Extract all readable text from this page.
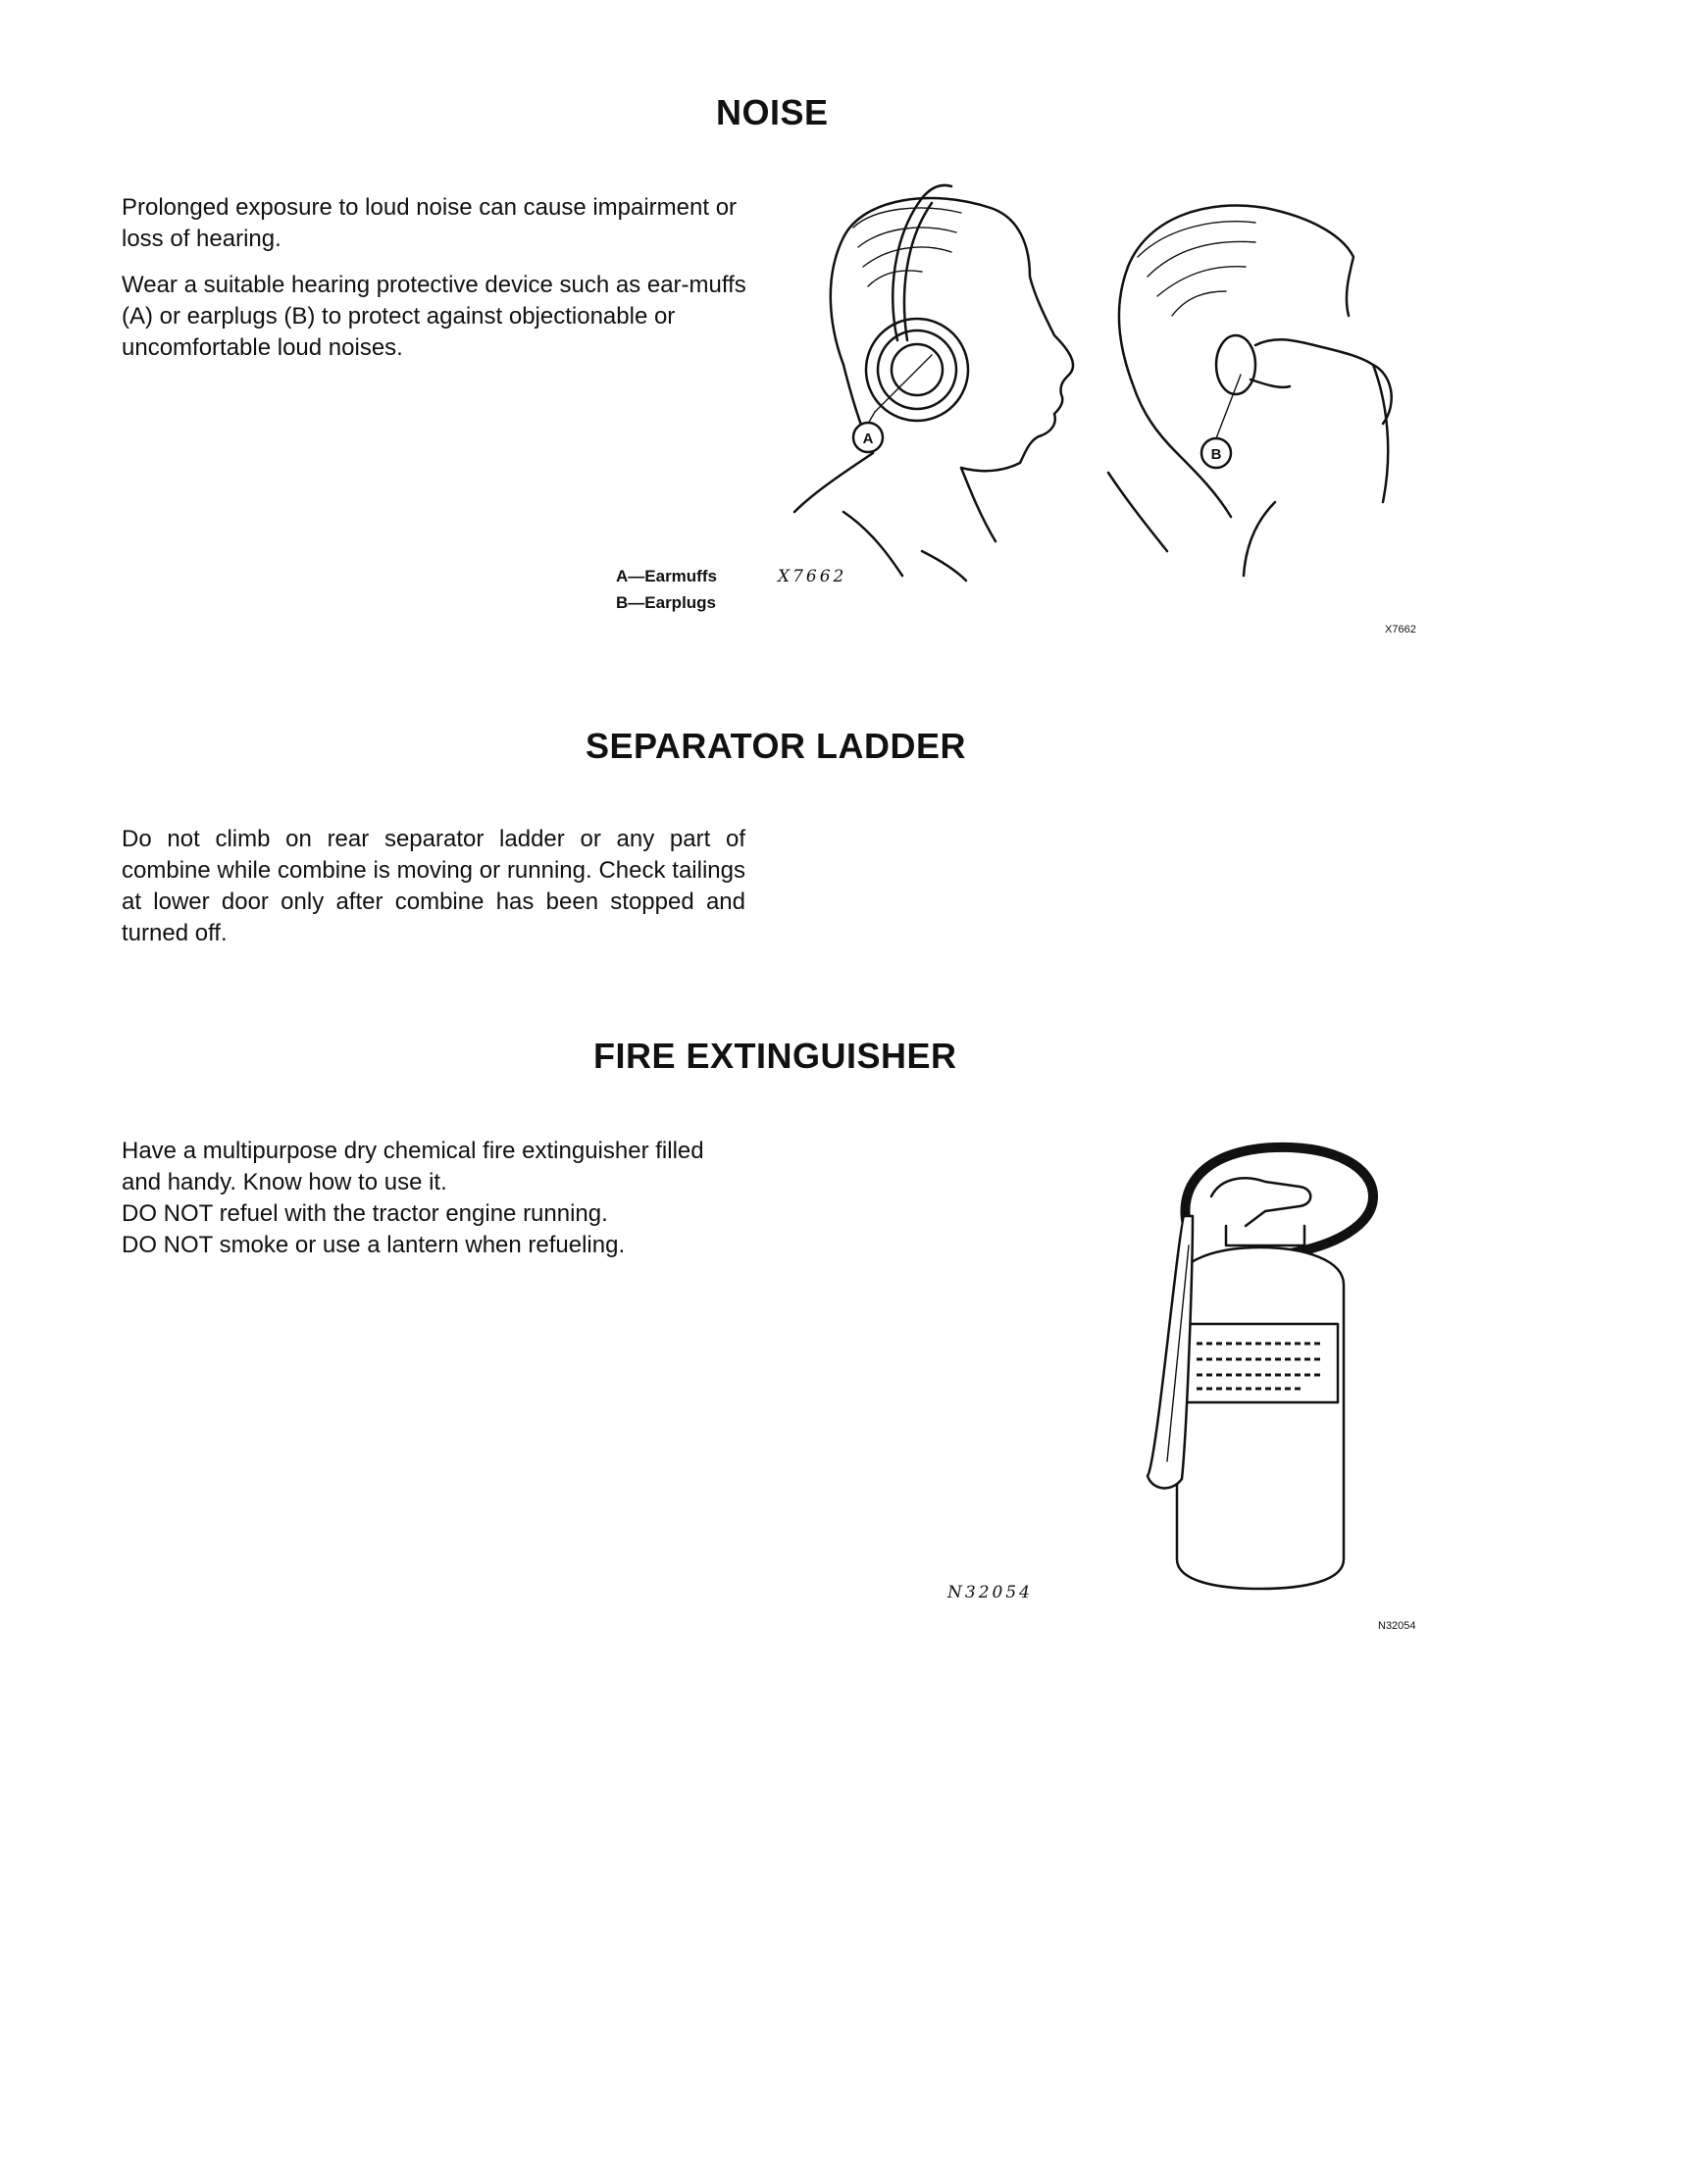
NOISE

Prolonged exposure to loud noise can cause impairment or loss of hearing.

Wear a suitable hearing protective device such as ear-muffs (A) or earplugs (B) to protect against objectionable or uncomfortable loud noises.

A
B
A—Earmuffs
B—Earplugs
X7662
X7662
SEPARATOR LADDER
Do not climb on rear separator ladder or any part of combine while combine is moving or running. Check tailings at lower door only after combine has been stopped and turned off.
FIRE EXTINGUISHER
Have a multipurpose dry chemical fire extinguisher filled and handy. Know how to use it.
DO NOT refuel with the tractor engine running.
DO NOT smoke or use a lantern when refueling.
N32054
N32054
